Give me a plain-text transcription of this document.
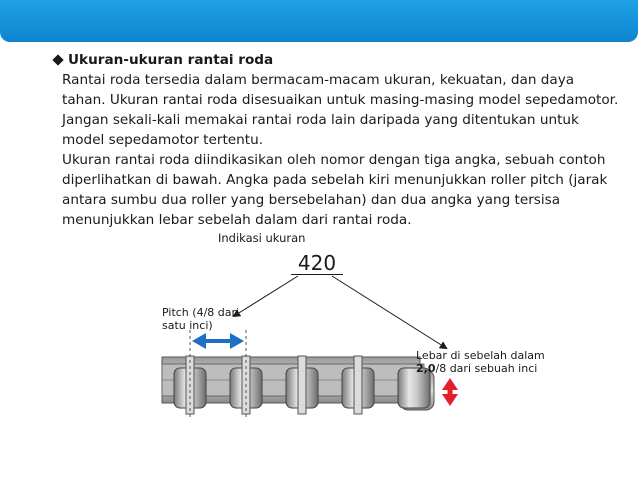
Ukuran-ukuran rantai roda
Rantai roda tersedia dalam bermacam-macam ukuran, kekuatan, dan daya tahan. Ukuran rantai roda disesuaikan untuk masing-masing model sepedamotor. Jangan sekali-kali memakai rantai roda lain daripada yang ditentukan untuk model sepedamotor tertentu.
Ukuran rantai roda diindikasikan oleh nomor dengan tiga angka, sebuah contoh diperlihatkan di bawah. Angka pada sebelah kiri menunjukkan roller pitch (jarak antara sumbu dua roller yang bersebelahan) dan dua angka yang tersisa menunjukkan lebar sebelah dalam dari rantai roda.
Indikasi ukuran
420
Pitch (4/8 dari satu inci)
Lebar di sebelah dalam
2,0/8 dari sebuah inci
